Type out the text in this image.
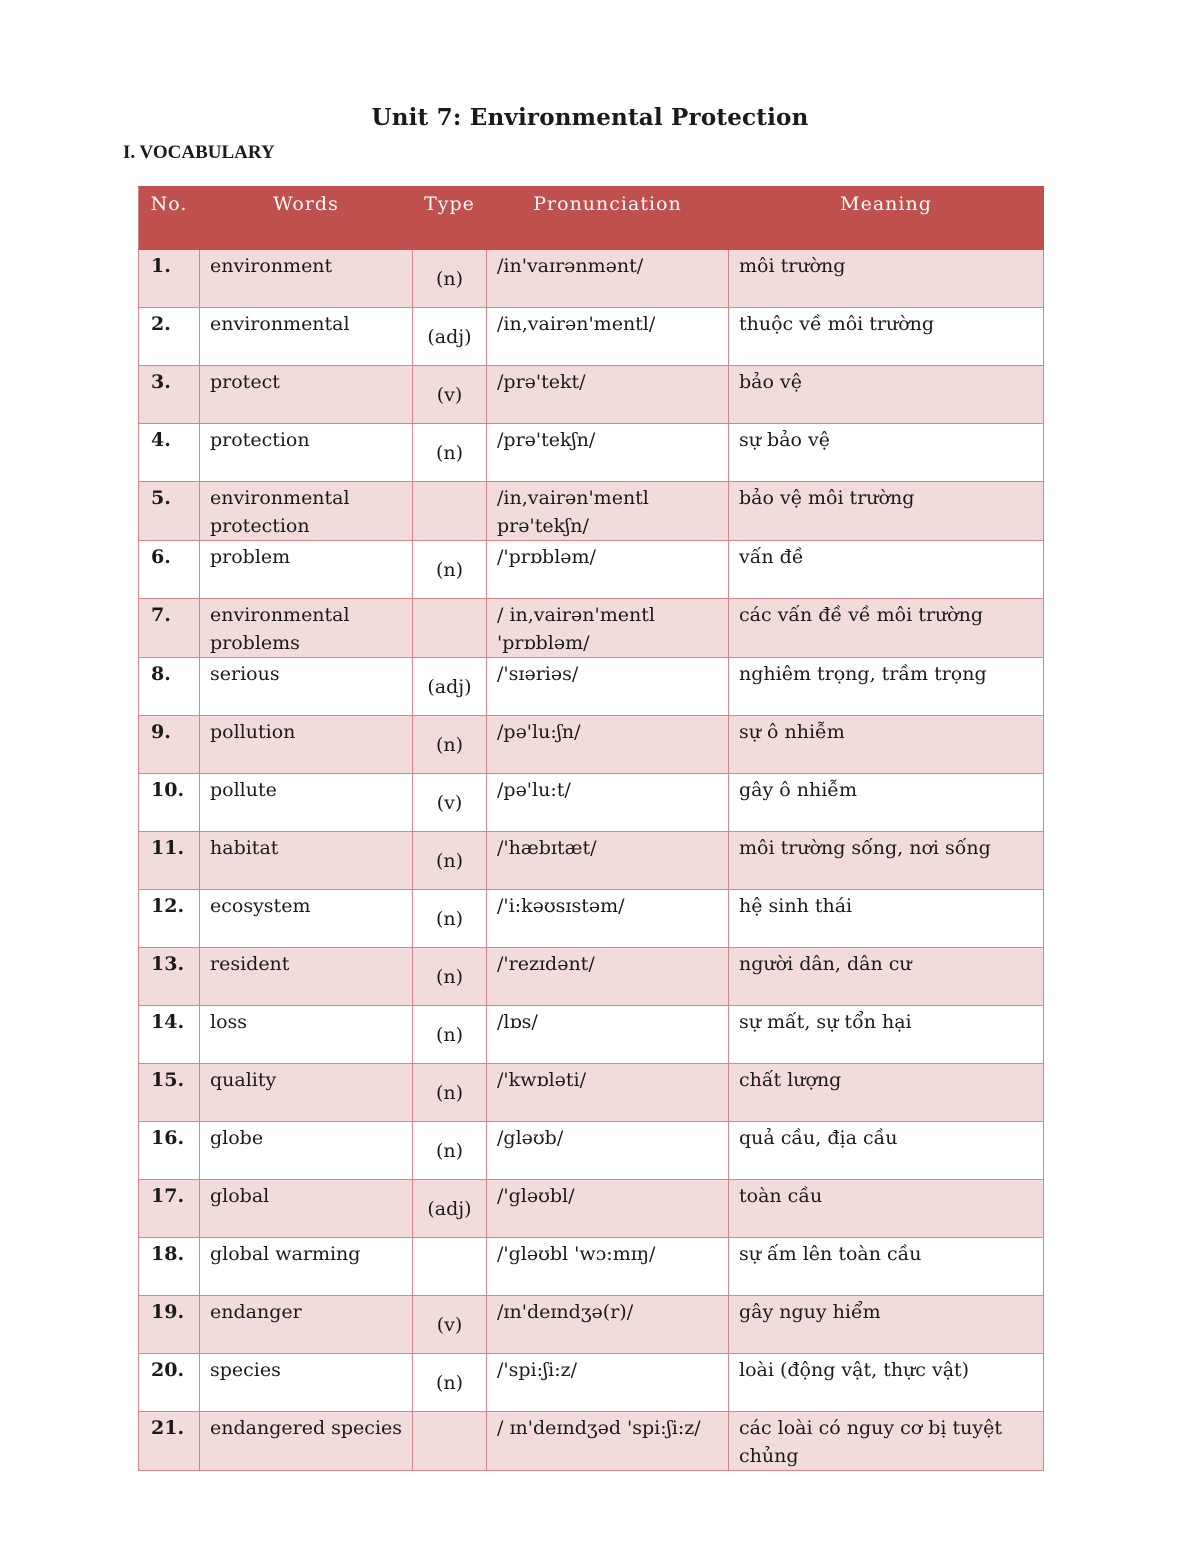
Unit 7: Environmental Protection
I. VOCABULARY
No.	Words	Type	Pronunciation	Meaning
1.	environment	(n)	/in'vaɪrənmənt/	môi trường
2.	environmental	(adj)	/in,vairən'mentl/	thuộc về môi trường
3.	protect	(v)	/prə'tekt/	bảo vệ
4.	protection	(n)	/prə'tekʃn/	sự bảo vệ
5.	environmental protection		/in,vairən'mentl prə'tekʃn/	bảo vệ môi trường
6.	problem	(n)	/'prɒbləm/	vấn đề
7.	environmental problems		/ in,vairən'mentl 'prɒbləm/	các vấn đề về môi trường
8.	serious	(adj)	/'sɪəriəs/	nghiêm trọng, trầm trọng
9.	pollution	(n)	/pə'lu:ʃn/	sự ô nhiễm
10.	pollute	(v)	/pə'lu:t/	gây ô nhiễm
11.	habitat	(n)	/'hæbɪtæt/	môi trường sống, nơi sống
12.	ecosystem	(n)	/'i:kəʊsɪstəm/	hệ sinh thái
13.	resident	(n)	/'rezɪdənt/	người dân, dân cư
14.	loss	(n)	/lɒs/	sự mất, sự tổn hại
15.	quality	(n)	/'kwɒləti/	chất lượng
16.	globe	(n)	/gləʊb/	quả cầu, địa cầu
17.	global	(adj)	/'gləʊbl/	toàn cầu
18.	global warming		/'gləʊbl 'wɔ:mɪŋ/	sự ấm lên toàn cầu
19.	endanger	(v)	/ɪn'deɪndʒə(r)/	gây nguy hiểm
20.	species	(n)	/'spi:ʃi:z/	loài (động vật, thực vật)
21.	endangered species		/ ɪn'deɪndʒəd 'spi:ʃi:z/	các loài có nguy cơ bị tuyệt chủng
